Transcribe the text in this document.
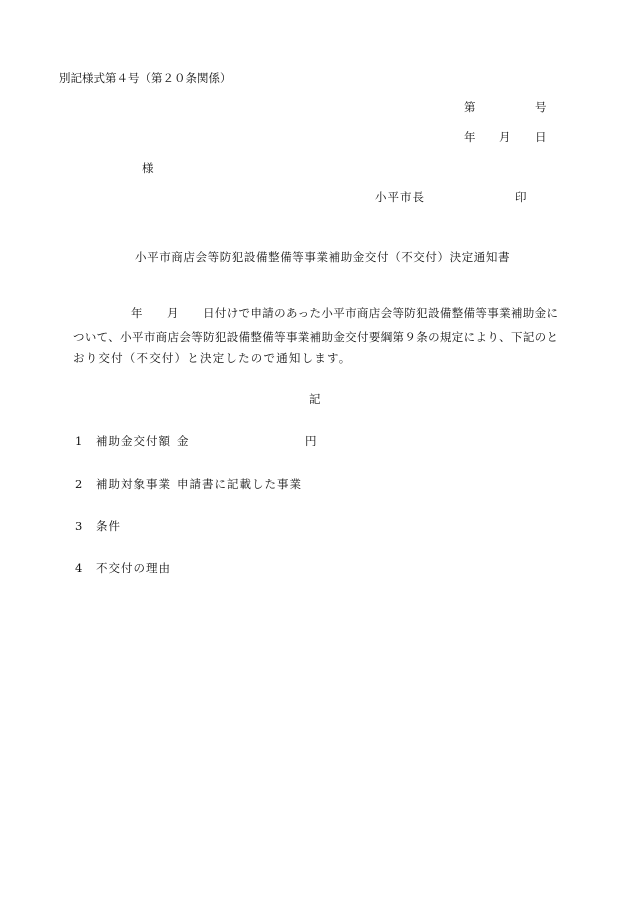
別記様式第４号（第２０条関係）
第	号
年 月 日
様
小平市長	印
小平市商店会等防犯設備整備等事業補助金交付（不交付）決定通知書
年 月 日付けで申請のあった小平市商店会等防犯設備整備等事業補助金に
ついて、小平市商店会等防犯設備整備等事業補助金交付要綱第９条の規定により、下記のと
おり交付（不交付）と決定したので通知します。
記
1 補助金交付額 金	円
2 補助対象事業 申請書に記載した事業
3 条件
4 不交付の理由
